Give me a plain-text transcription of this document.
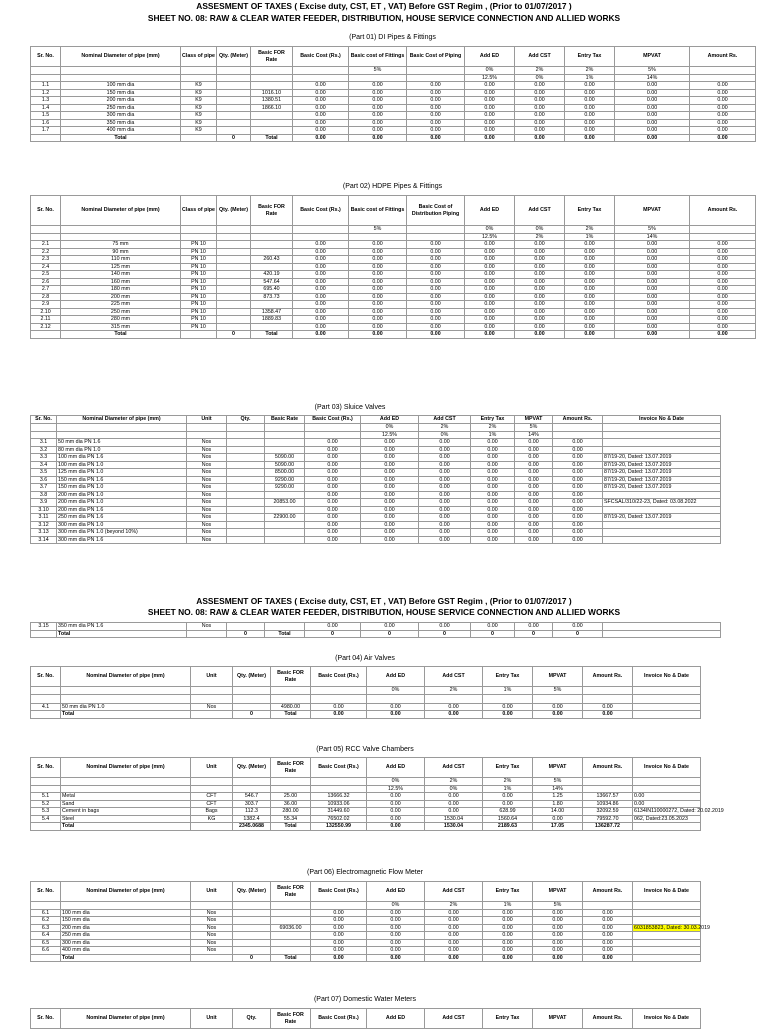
ASSESMENT OF TAXES ( Excise duty, CST, ET , VAT) Before GST Regim , (Prior to 01/07/2017 )
SHEET NO. 08: RAW & CLEAR WATER FEEDER, DISTRIBUTION, HOUSE SERVICE CONNECTION AND ALLIED WORKS
(Part 01) DI Pipes & Fittings
Sr. No.	Nominal Diameter of pipe (mm)	Class of pipe	Qty. (Meter)	Basic FOR Rate	Basic Cost (Rs.)	Basic cost of Fittings	Basic Cost of Piping	Add ED	Add CST	Entry Tax	MPVAT	Amount Rs.
						5%		0%	2%	2%	5%	
								12.5%	0%	1%	14%	
1.1	100 mm dia	K9			0.00	0.00	0.00	0.00	0.00	0.00	0.00	0.00
1.2	150 mm dia	K9		1016.10	0.00	0.00	0.00	0.00	0.00	0.00	0.00	0.00
1.3	200 mm dia	K9		1380.51	0.00	0.00	0.00	0.00	0.00	0.00	0.00	0.00
1.4	250 mm dia	K9		1866.10	0.00	0.00	0.00	0.00	0.00	0.00	0.00	0.00
1.5	300 mm dia	K9			0.00	0.00	0.00	0.00	0.00	0.00	0.00	0.00
1.6	350 mm dia	K9			0.00	0.00	0.00	0.00	0.00	0.00	0.00	0.00
1.7	400 mm dia	K9			0.00	0.00	0.00	0.00	0.00	0.00	0.00	0.00
	Total		0	Total	0.00	0.00	0.00	0.00	0.00	0.00	0.00	0.00
(Part 02) HDPE Pipes & Fittings
Sr. No.	Nominal Diameter of pipe (mm)	Class of pipe	Qty. (Meter)	Basic FOR Rate	Basic Cost (Rs.)	Basic cost of Fittings	Basic Cost of Distribution Piping	Add ED	Add CST	Entry Tax	MPVAT	Amount Rs.
						5%		0%	0%	2%	5%	
								12.5%	2%	1%	14%	
2.1	75 mm	PN 10			0.00	0.00	0.00	0.00	0.00	0.00	0.00	0.00
2.2	90 mm	PN 10			0.00	0.00	0.00	0.00	0.00	0.00	0.00	0.00
2.3	110 mm	PN 10		260.43	0.00	0.00	0.00	0.00	0.00	0.00	0.00	0.00
2.4	125 mm	PN 10			0.00	0.00	0.00	0.00	0.00	0.00	0.00	0.00
2.5	140 mm	PN 10		420.19	0.00	0.00	0.00	0.00	0.00	0.00	0.00	0.00
2.6	160 mm	PN 10		547.64	0.00	0.00	0.00	0.00	0.00	0.00	0.00	0.00
2.7	180 mm	PN 10		695.40	0.00	0.00	0.00	0.00	0.00	0.00	0.00	0.00
2.8	200 mm	PN 10		873.73	0.00	0.00	0.00	0.00	0.00	0.00	0.00	0.00
2.9	225 mm	PN 10			0.00	0.00	0.00	0.00	0.00	0.00	0.00	0.00
2.10	250 mm	PN 10		1358.47	0.00	0.00	0.00	0.00	0.00	0.00	0.00	0.00
2.11	280 mm	PN 10		1889.83	0.00	0.00	0.00	0.00	0.00	0.00	0.00	0.00
2.12	315 mm	PN 10			0.00	0.00	0.00	0.00	0.00	0.00	0.00	0.00
	Total		0	Total	0.00	0.00	0.00	0.00	0.00	0.00	0.00	0.00
(Part 03) Sluice Valves
Sr. No.	Nominal Diameter of pipe (mm)	Unit	Qty.	Basic Rate	Basic Cost (Rs.)	Add ED	Add CST	Entry Tax	MPVAT	Amount Rs.	Invoice No & Date
						0%	2%	2%	5%		
						12.5%	0%	1%	14%		
3.1	50 mm dia PN 1.6	Nos			0.00	0.00	0.00	0.00	0.00	0.00	
3.2	80 mm dia PN 1.0	Nos			0.00	0.00	0.00	0.00	0.00	0.00	
3.3	100 mm dia PN 1.6	Nos		5090.00	0.00	0.00	0.00	0.00	0.00	0.00	87/19-20, Dated: 13.07.2019
3.4	100 mm dia PN 1.0	Nos		5090.00	0.00	0.00	0.00	0.00	0.00	0.00	87/19-20, Dated: 13.07.2019
3.5	125 mm dia PN 1.0	Nos		8500.00	0.00	0.00	0.00	0.00	0.00	0.00	87/19-20, Dated: 13.07.2019
3.6	150 mm dia PN 1.6	Nos		9290.00	0.00	0.00	0.00	0.00	0.00	0.00	87/19-20, Dated: 13.07.2019
3.7	150 mm dia PN 1.0	Nos		9290.00	0.00	0.00	0.00	0.00	0.00	0.00	87/19-20, Dated: 13.07.2019
3.8	200 mm dia PN 1.0	Nos			0.00	0.00	0.00	0.00	0.00	0.00	
3.9	200 mm dia PN 1.0	Nos		20853.00	0.00	0.00	0.00	0.00	0.00	0.00	SFCSAL/310/22-23, Dated: 03.08.2022
3.10	200 mm dia PN 1.6	Nos			0.00	0.00	0.00	0.00	0.00	0.00	
3.11	250 mm dia PN 1.6	Nos		22900.00	0.00	0.00	0.00	0.00	0.00	0.00	87/19-20, Dated: 13.07.2019
3.12	300 mm dia PN 1.0	Nos			0.00	0.00	0.00	0.00	0.00	0.00	
3.13	300 mm dia PN 1.0 (beyond 10%)	Nos			0.00	0.00	0.00	0.00	0.00	0.00	
3.14	300 mm dia PN 1.6	Nos			0.00	0.00	0.00	0.00	0.00	0.00	
ASSESMENT OF TAXES ( Excise duty, CST, ET , VAT) Before GST Regim , (Prior to 01/07/2017 )
SHEET NO. 08: RAW & CLEAR WATER FEEDER, DISTRIBUTION, HOUSE SERVICE CONNECTION AND ALLIED WORKS
3.15	350 mm dia PN 1.6	Nos			0.00	0.00	0.00	0.00	0.00	0.00	
	Total		0	Total	0	0	0	0	0	0	
(Part 04) Air Valves
Sr. No.	Nominal Diameter of pipe (mm)	Unit	Qty. (Meter)	Basic FOR Rate	Basic Cost (Rs.)	Add ED	Add CST	Entry Tax	MPVAT	Amount Rs.	Invoice No & Date
						0%	2%	1%	5%		

4.1	50 mm dia PN 1.0	Nos		4980.00	0.00	0.00	0.00	0.00	0.00	0.00	
	Total		0	Total	0.00	0.00	0.00	0.00	0.00	0.00	
(Part 05) RCC Valve Chambers
Sr. No.	Nominal Diameter of pipe (mm)	Unit	Qty. (Meter)	Basic FOR Rate	Basic Cost (Rs.)	Add ED	Add CST	Entry Tax	MPVAT	Amount Rs.	Invoice No & Date
						0%	2%	2%	5%		
						12.5%	0%	1%	14%		
5.1	Metal	CFT	546.7	25.00	13666.32	0.00	0.00	0.00	1.25	13667.57	0.00
5.2	Sand	CFT	303.7	36.00	10933.06	0.00	0.00	0.00	1.80	10934.86	0.00
5.3	Cement in bags	Bags	112.3	280.00	31449.60	0.00	0.00	628.99	14.00	32092.59	6134IN110000272, Dated: 20.02.2019
5.4	Steel	KG	1382.4	55.34	76502.02	0.00	1530.04	1560.64	0.00	79592.70	062, Dated:23.05.2023
	Total		2345.0688	Total	132550.99	0.00	1530.04	2189.63	17.05	136287.72	
(Part 06) Electromagnetic Flow Meter
Sr. No.	Nominal Diameter of pipe (mm)	Unit	Qty. (Meter)	Basic FOR Rate	Basic Cost (Rs.)	Add ED	Add CST	Entry Tax	MPVAT	Amount Rs.	Invoice No & Date
						0%	2%	1%	5%		
6.1	100 mm dia	Nos			0.00	0.00	0.00	0.00	0.00	0.00	
6.2	150 mm dia	Nos			0.00	0.00	0.00	0.00	0.00	0.00	
6.3	200 mm dia	Nos		69036.00	0.00	0.00	0.00	0.00	0.00	0.00	6031853823, Dated: 30.03.2019
6.4	250 mm dia	Nos			0.00	0.00	0.00	0.00	0.00	0.00	
6.5	300 mm dia	Nos			0.00	0.00	0.00	0.00	0.00	0.00	
6.6	400 mm dia	Nos			0.00	0.00	0.00	0.00	0.00	0.00	
	Total		0	Total	0.00	0.00	0.00	0.00	0.00	0.00	
(Part 07) Domestic Water Meters
Sr. No.	Nominal Diameter of pipe (mm)	Unit	Qty.	Basic FOR Rate	Basic Cost (Rs.)	Add ED	Add CST	Entry Tax	MPVAT	Amount Rs.	Invoice No & Date
